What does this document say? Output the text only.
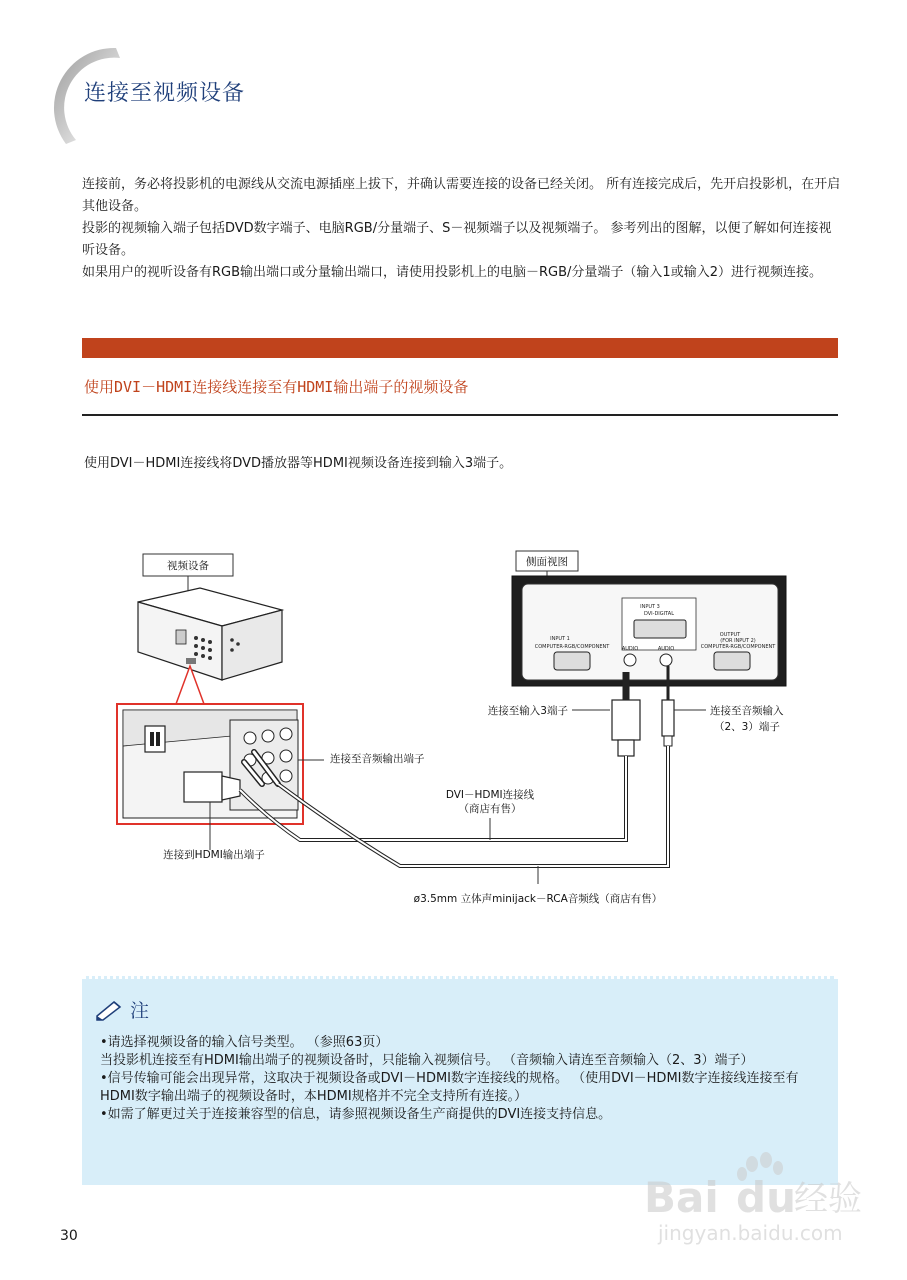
连接至视频设备

连接前，务必将投影机的电源线从交流电源插座上拔下，并确认需要连接的设备已经关闭。 所有连接完成后，先开启投影机，在开启其他设备。

投影的视频输入端子包括DVD数字端子、电脑RGB/分量端子、S－视频端子以及视频端子。 参考列出的图解，以便了解如何连接视听设备。

如果用户的视听设备有RGB输出端口或分量输出端口，请使用投影机上的电脑－RGB/分量端子（输入1或输入2）进行视频连接。

使用DVI－HDMI连接线连接至有HDMI输出端子的视频设备
使用DVI－HDMI连接线将DVD播放器等HDMI视频设备连接到输入3端子。
视频设备	侧面视图
INPUT 3
DVI-DIGITAL
INPUT 1
COMPUTER-RGB/COMPONENT
OUTPUT
(FOR INPUT 2)
COMPUTER-RGB/COMPONENT
AUDIO	AUDIO
连接至输入3端子	连接至音频输入
（2、3）端子
连接至音频输出端子
DVI－HDMI连接线
（商店有售）
连接到HDMI输出端子
ø3.5mm 立体声minijack－RCA音频线（商店有售）
注

•请选择视频设备的输入信号类型。 （参照63页）

当投影机连接至有HDMI输出端子的视频设备时，只能输入视频信号。 （音频输入请连至音频输入（2、3）端子）

•信号传输可能会出现异常，这取决于视频设备或DVI－HDMI数字连接线的规格。 （使用DVI－HDMI数字连接线连接至有HDMI数字输出端子的视频设备时，本HDMI规格并不完全支持所有连接。）

•如需了解更过关于连接兼容型的信息，请参照视频设备生产商提供的DVI连接支持信息。

30
Bai du
经验
jingyan.baidu.com
